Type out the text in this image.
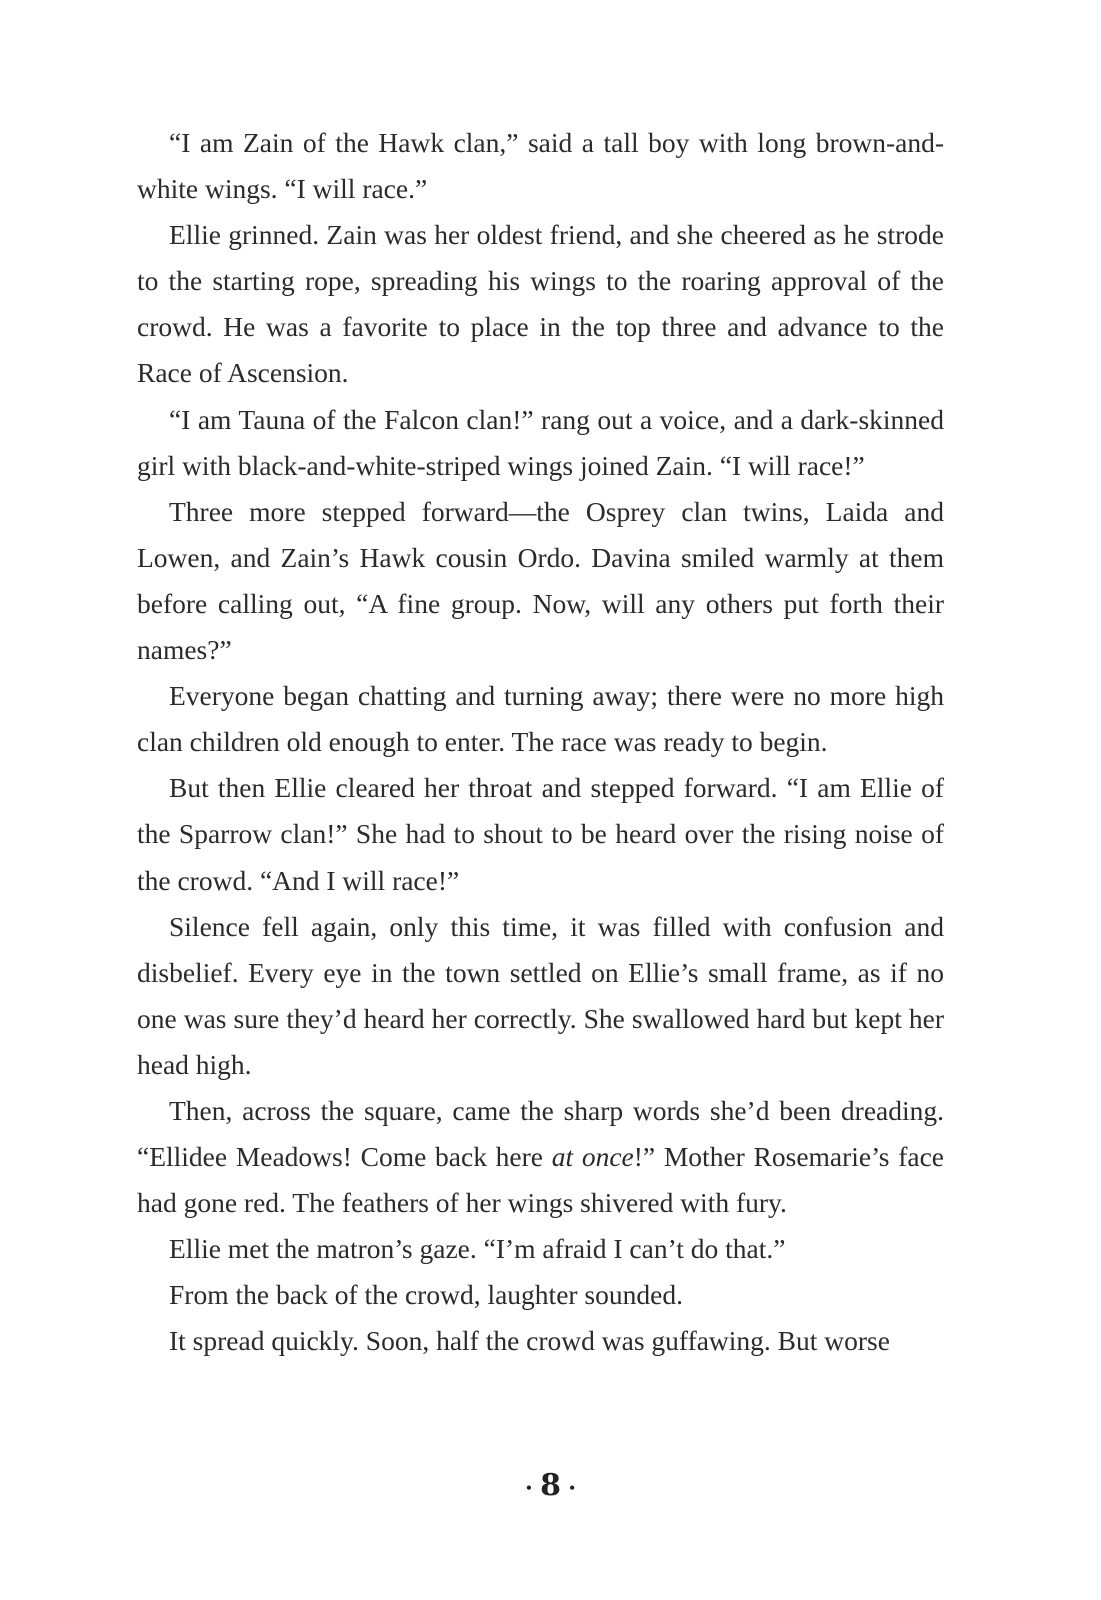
“I am Zain of the Hawk clan,” said a tall boy with long brown-and-white wings. “I will race.”

Ellie grinned. Zain was her oldest friend, and she cheered as he strode to the starting rope, spreading his wings to the roaring approval of the crowd. He was a favorite to place in the top three and advance to the Race of Ascension.

“I am Tauna of the Falcon clan!” rang out a voice, and a dark-skinned girl with black-and-white-striped wings joined Zain. “I will race!”

Three more stepped forward—the Osprey clan twins, Laida and Lowen, and Zain’s Hawk cousin Ordo. Davina smiled warmly at them before calling out, “A fine group. Now, will any others put forth their names?”

Everyone began chatting and turning away; there were no more high clan children old enough to enter. The race was ready to begin.

But then Ellie cleared her throat and stepped forward. “I am Ellie of the Sparrow clan!” She had to shout to be heard over the rising noise of the crowd. “And I will race!”

Silence fell again, only this time, it was filled with confusion and disbelief. Every eye in the town settled on Ellie’s small frame, as if no one was sure they’d heard her correctly. She swallowed hard but kept her head high.

Then, across the square, came the sharp words she’d been dreading. “Ellidee Meadows! Come back here at once!” Mother Rosemarie’s face had gone red. The feathers of her wings shivered with fury.

Ellie met the matron’s gaze. “I’m afraid I can’t do that.”

From the back of the crowd, laughter sounded.

It spread quickly. Soon, half the crowd was guffawing. But worse

• 8 •
